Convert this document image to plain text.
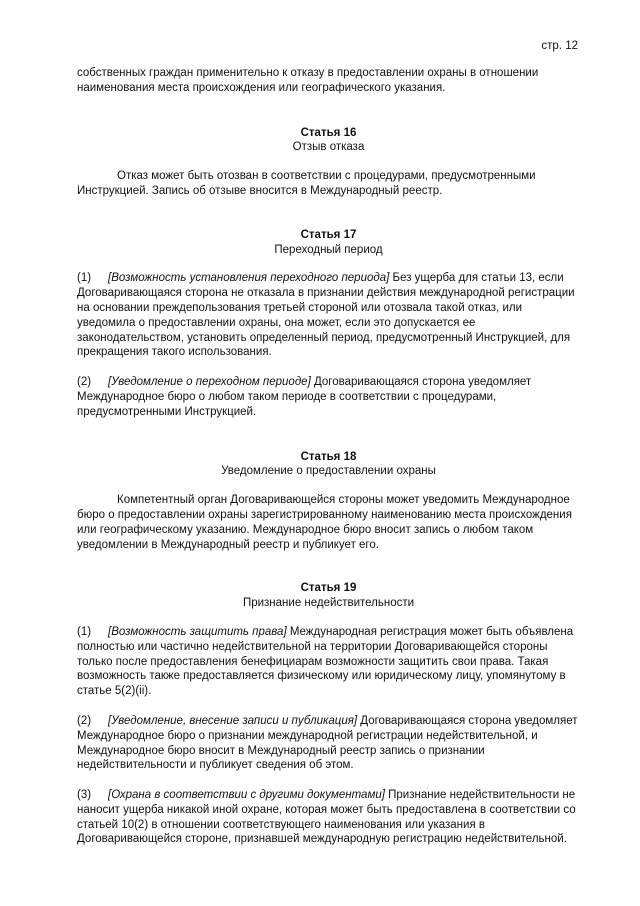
стр. 12

собственных граждан применительно к отказу в предоставлении охраны в отношении наименования места происхождения или географического указания.

Статья 16
Отзыв отказа

Отказ может быть отозван в соответствии с процедурами, предусмотренными Инструкцией. Запись об отзыве вносится в Международный реестр.

Статья 17
Переходный период

(1) [Возможность установления переходного периода] Без ущерба для статьи 13, если Договаривающаяся сторона не отказала в признании действия международной регистрации на основании преждепользования третьей стороной или отозвала такой отказ, или уведомила о предоставлении охраны, она может, если это допускается ее законодательством, установить определенный период, предусмотренный Инструкцией, для прекращения такого использования.

(2) [Уведомление о переходном периоде] Договаривающаяся сторона уведомляет Международное бюро о любом таком периоде в соответствии с процедурами, предусмотренными Инструкцией.

Статья 18
Уведомление о предоставлении охраны

Компетентный орган Договаривающейся стороны может уведомить Международное бюро о предоставлении охраны зарегистрированному наименованию места происхождения или географическому указанию. Международное бюро вносит запись о любом таком уведомлении в Международный реестр и публикует его.

Статья 19
Признание недействительности

(1) [Возможность защитить права] Международная регистрация может быть объявлена полностью или частично недействительной на территории Договаривающейся стороны только после предоставления бенефициарам возможности защитить свои права. Такая возможность также предоставляется физическому или юридическому лицу, упомянутому в статье 5(2)(ii).

(2) [Уведомление, внесение записи и публикация] Договаривающаяся сторона уведомляет Международное бюро о признании международной регистрации недействительной, и Международное бюро вносит в Международный реестр запись о признании недействительности и публикует сведения об этом.

(3) [Охрана в соответствии с другими документами] Признание недействительности не наносит ущерба никакой иной охране, которая может быть предоставлена в соответствии со статьей 10(2) в отношении соответствующего наименования или указания в Договаривающейся стороне, признавшей международную регистрацию недействительной.
